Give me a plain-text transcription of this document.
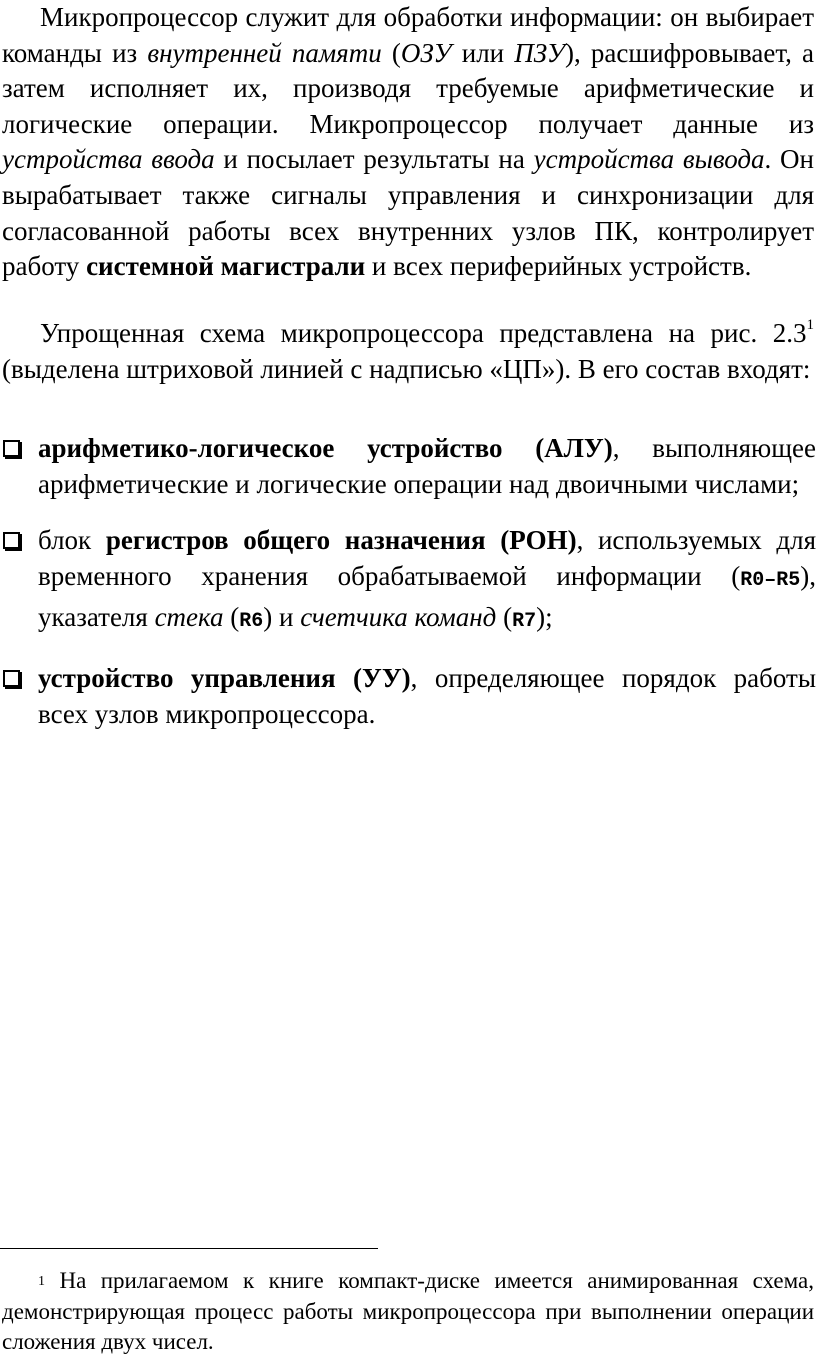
Микропроцессор служит для обработки информации: он выбирает команды из внутренней памяти (ОЗУ или ПЗУ), расшифровывает, а затем исполняет их, производя требуемые арифметические и логические операции. Микропроцессор получает данные из устройства ввода и посылает результаты на устройства вывода. Он вырабатывает также сигналы управления и синхронизации для согласованной работы всех внутренних узлов ПК, контролирует работу системной магистрали и всех периферийных устройств.

Упрощенная схема микропроцессора представлена на рис. 2.3$^1$ (выделена штриховой линией с надписью «ЦП»). В его состав входят:

арифметико-логическое устройство (АЛУ), выполняющее арифметические и логические операции над двоичными числами;
блок регистров общего назначения (РОН), используемых для временного хранения обрабатываемой информации (R0–R5), указателя стека (R6) и счетчика команд (R7);
устройство управления (УУ), определяющее порядок работы всех узлов микропроцессора.

$^1$ На прилагаемом к книге компакт-диске имеется анимированная схема, демонстрирующая процесс работы микропроцессора при выполнении операции сложения двух чисел.
